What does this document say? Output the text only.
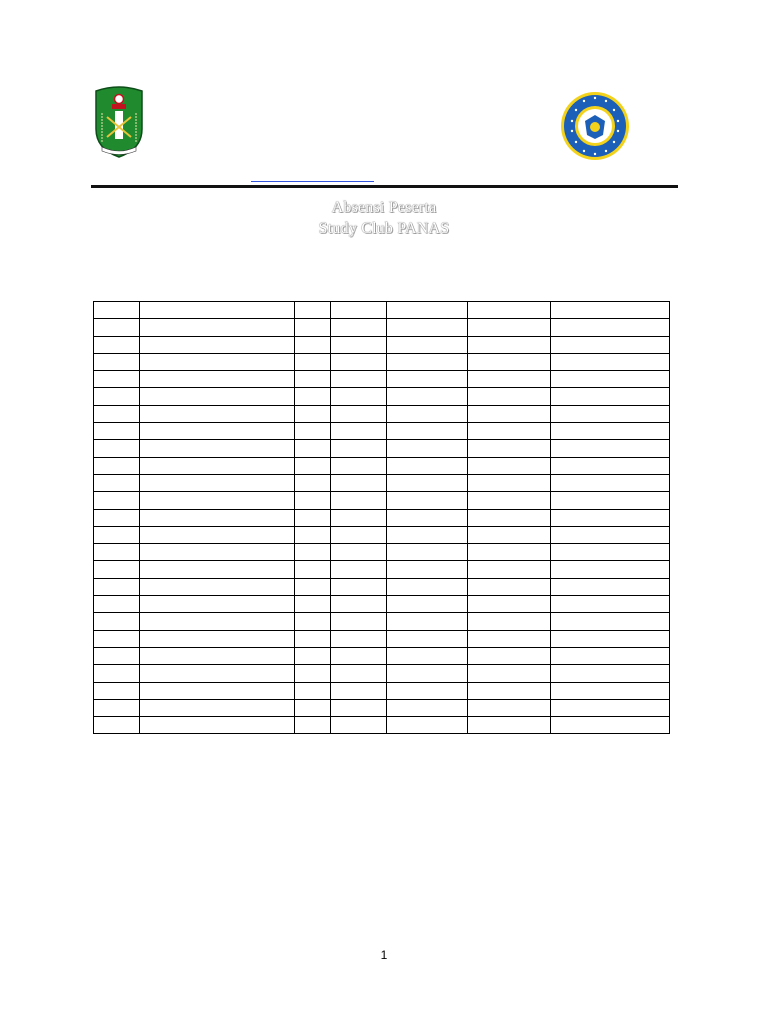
Absensi Peserta
Study Club PANAS

1
